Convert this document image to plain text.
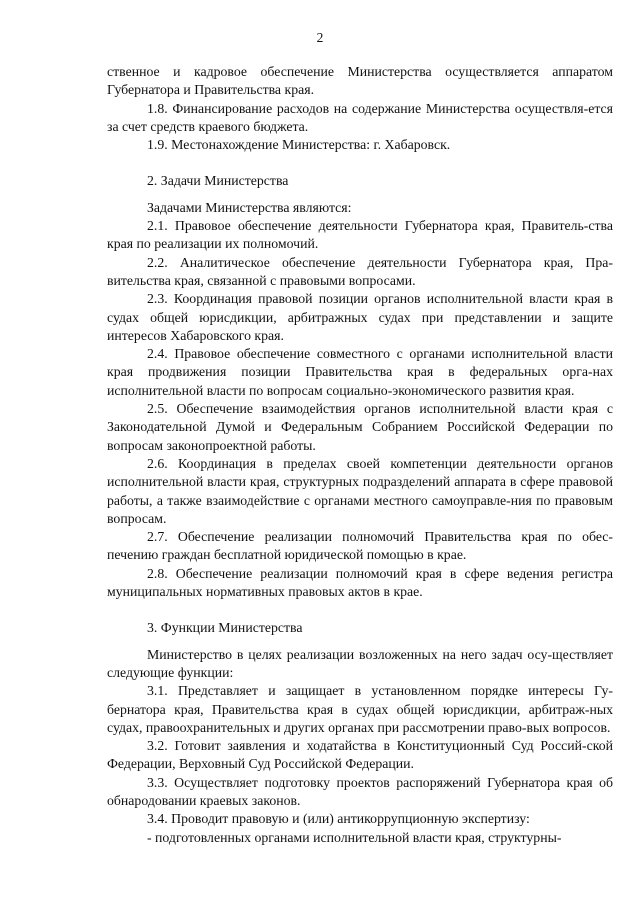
2
ственное и кадровое обеспечение Министерства осуществляется аппаратом Губернатора и Правительства края.
1.8. Финансирование расходов на содержание Министерства осуществля-ется за счет средств краевого бюджета.
1.9. Местонахождение Министерства: г. Хабаровск.
2. Задачи Министерства
Задачами Министерства являются:
2.1. Правовое обеспечение деятельности Губернатора края, Правитель-ства края по реализации их полномочий.
2.2. Аналитическое обеспечение деятельности Губернатора края, Пра-вительства края, связанной с правовыми вопросами.
2.3. Координация правовой позиции органов исполнительной власти края в судах общей юрисдикции, арбитражных судах при представлении и защите интересов Хабаровского края.
2.4. Правовое обеспечение совместного с органами исполнительной власти края продвижения позиции Правительства края в федеральных орга-нах исполнительной власти по вопросам социально-экономического развития края.
2.5. Обеспечение взаимодействия органов исполнительной власти края с Законодательной Думой и Федеральным Собранием Российской Федерации по вопросам законопроектной работы.
2.6. Координация в пределах своей компетенции деятельности органов исполнительной власти края, структурных подразделений аппарата в сфере правовой работы, а также взаимодействие с органами местного самоуправле-ния по правовым вопросам.
2.7. Обеспечение реализации полномочий Правительства края по обес-печению граждан бесплатной юридической помощью в крае.
2.8. Обеспечение реализации полномочий края в сфере ведения регистра муниципальных нормативных правовых актов в крае.
3. Функции Министерства
Министерство в целях реализации возложенных на него задач осу-ществляет следующие функции:
3.1. Представляет и защищает в установленном порядке интересы Гу-бернатора края, Правительства края в судах общей юрисдикции, арбитраж-ных судах, правоохранительных и других органах при рассмотрении право-вых вопросов.
3.2. Готовит заявления и ходатайства в Конституционный Суд Россий-ской Федерации, Верховный Суд Российской Федерации.
3.3. Осуществляет подготовку проектов распоряжений Губернатора края об обнародовании краевых законов.
3.4. Проводит правовую и (или) антикоррупционную экспертизу:
- подготовленных органами исполнительной власти края, структурны-
